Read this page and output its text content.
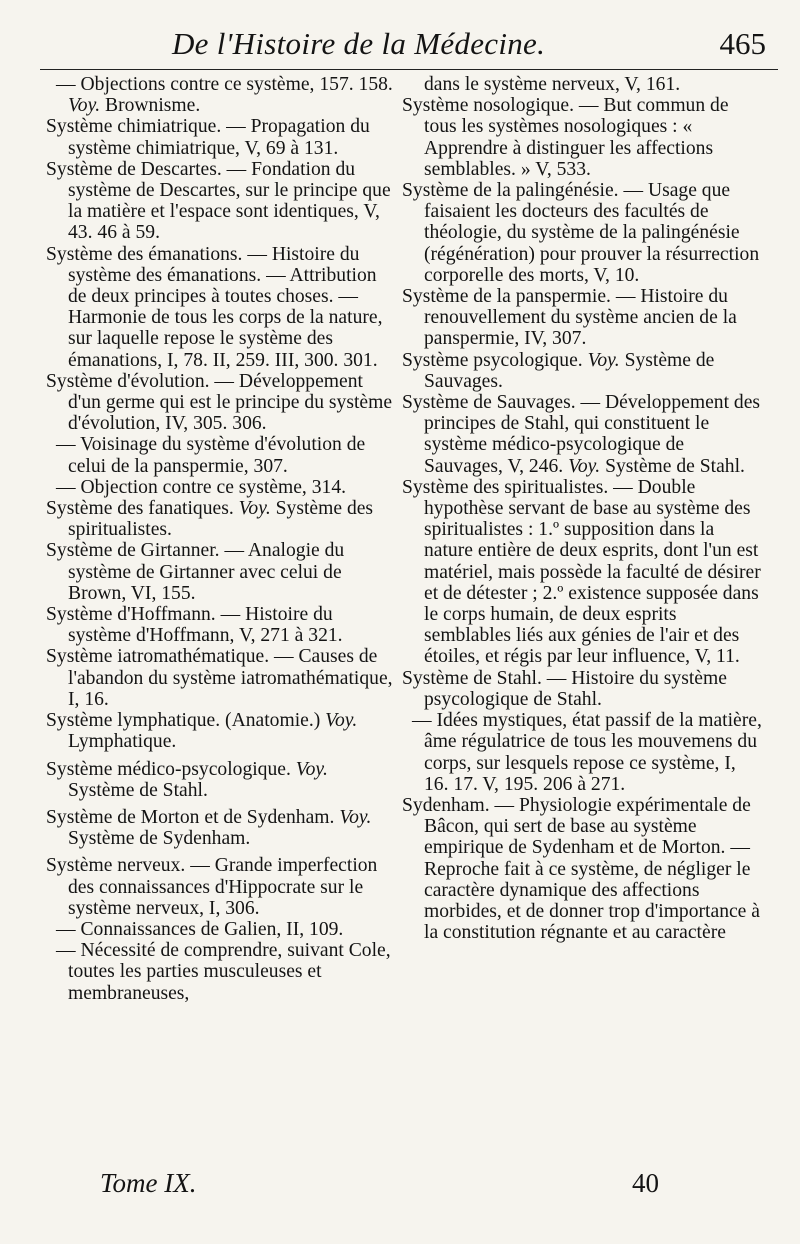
De l'Histoire de la Médecine.	465

— Objections contre ce système, 157. 158. Voy. Brownisme.

Système chimiatrique. — Propagation du système chimiatrique, V, 69 à 131.

Système de Descartes. — Fondation du système de Descartes, sur le principe que la matière et l'espace sont identiques, V, 43. 46 à 59.

Système des émanations. — Histoire du système des émanations. — Attribution de deux principes à toutes choses. — Harmonie de tous les corps de la nature, sur laquelle repose le système des émanations, I, 78. II, 259. III, 300. 301.

Système d'évolution. — Développement d'un germe qui est le principe du système d'évolution, IV, 305. 306.

— Voisinage du système d'évolution de celui de la panspermie, 307.

— Objection contre ce système, 314.

Système des fanatiques. Voy. Système des spiritualistes.

Système de Girtanner. — Analogie du système de Girtanner avec celui de Brown, VI, 155.

Système d'Hoffmann. — Histoire du système d'Hoffmann, V, 271 à 321.

Système iatromathématique. — Causes de l'abandon du système iatromathématique, I, 16.

Système lymphatique. (Anatomie.) Voy. Lymphatique.

Système médico-psycologique. Voy. Système de Stahl.

Système de Morton et de Sydenham. Voy. Système de Sydenham.

Système nerveux. — Grande imperfection des connaissances d'Hippocrate sur le système nerveux, I, 306.

— Connaissances de Galien, II, 109.

— Nécessité de comprendre, suivant Cole, toutes les parties musculeuses et membraneuses,

dans le système nerveux, V, 161.

Système nosologique. — But commun de tous les systèmes nosologiques : « Apprendre à distinguer les affections semblables. » V, 533.

Système de la palingénésie. — Usage que faisaient les docteurs des facultés de théologie, du système de la palingénésie (régénération) pour prouver la résurrection corporelle des morts, V, 10.

Système de la panspermie. — Histoire du renouvellement du système ancien de la panspermie, IV, 307.

Système psycologique. Voy. Système de Sauvages.

Système de Sauvages. — Développement des principes de Stahl, qui constituent le système médico-psycologique de Sauvages, V, 246. Voy. Système de Stahl.

Système des spiritualistes. — Double hypothèse servant de base au système des spiritualistes : 1.º supposition dans la nature entière de deux esprits, dont l'un est matériel, mais possède la faculté de désirer et de détester ; 2.º existence supposée dans le corps humain, de deux esprits semblables liés aux génies de l'air et des étoiles, et régis par leur influence, V, 11.

Système de Stahl. — Histoire du système psycologique de Stahl.

— Idées mystiques, état passif de la matière, âme régulatrice de tous les mouvemens du corps, sur lesquels repose ce système, I, 16. 17. V, 195. 206 à 271.

Sydenham. — Physiologie expérimentale de Bâcon, qui sert de base au système empirique de Sydenham et de Morton. — Reproche fait à ce système, de négliger le caractère dynamique des affections morbides, et de donner trop d'importance à la constitution régnante et au caractère

Tome IX.	40
